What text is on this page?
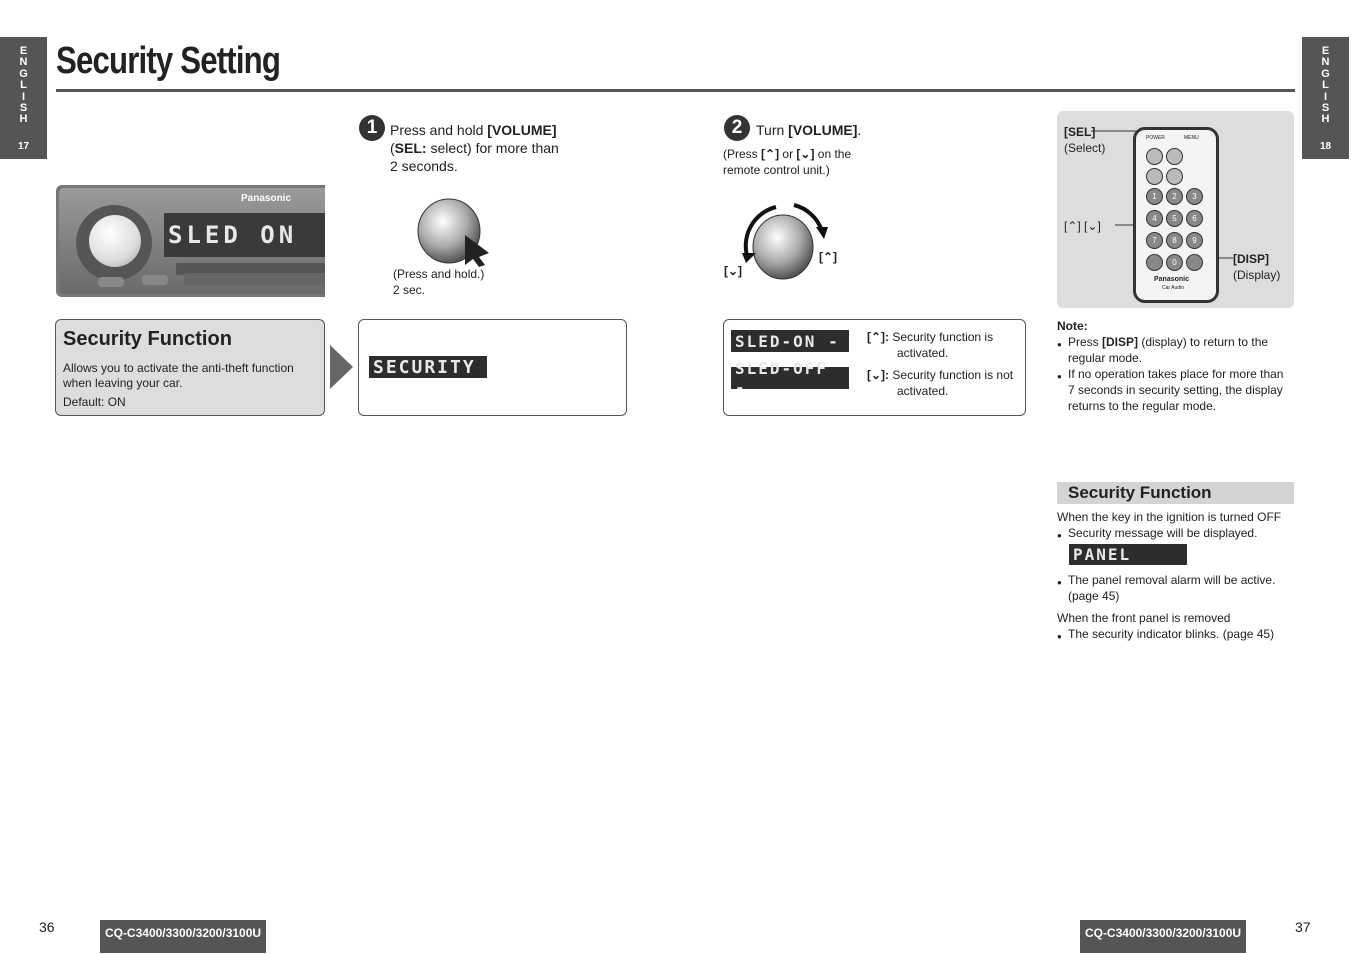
E
N
G
L
I
S
H
17
E
N
G
L
I
S
H
18
Security Setting
Panasonic
SLED ON
Security Function
Allows you to activate the anti-theft function
when leaving your car.
Default: ON
1 Press and hold [VOLUME]
(SEL: select) for more than
2 seconds.
(Press and hold.)
2 sec.
SECURITY
2 Turn [VOLUME].
(Press [⌃] or [⌄] on the
remote control unit.)
[⌃]
[⌄]
SLED-ON -
SLED-OFF -
[⌃]: Security function is
activated.
[⌄]: Security function is not
activated.
[SEL]
(Select)
[⌃] [⌄]
[DISP]
(Display)
POWER	MENU
1	2	3
4	5	6
7	8	9
0
Panasonic
Car Audio
Note:
● Press [DISP] (display) to return to the
regular mode.
● If no operation takes place for more than
7 seconds in security setting, the display
returns to the regular mode.
Security Function
When the key in the ignition is turned OFF
● Security message will be displayed.
PANEL
● The panel removal alarm will be active.
(page 45)
When the front panel is removed
● The security indicator blinks. (page 45)
36	CQ-C3400/3300/3200/3100U	CQ-C3400/3300/3200/3100U	37
